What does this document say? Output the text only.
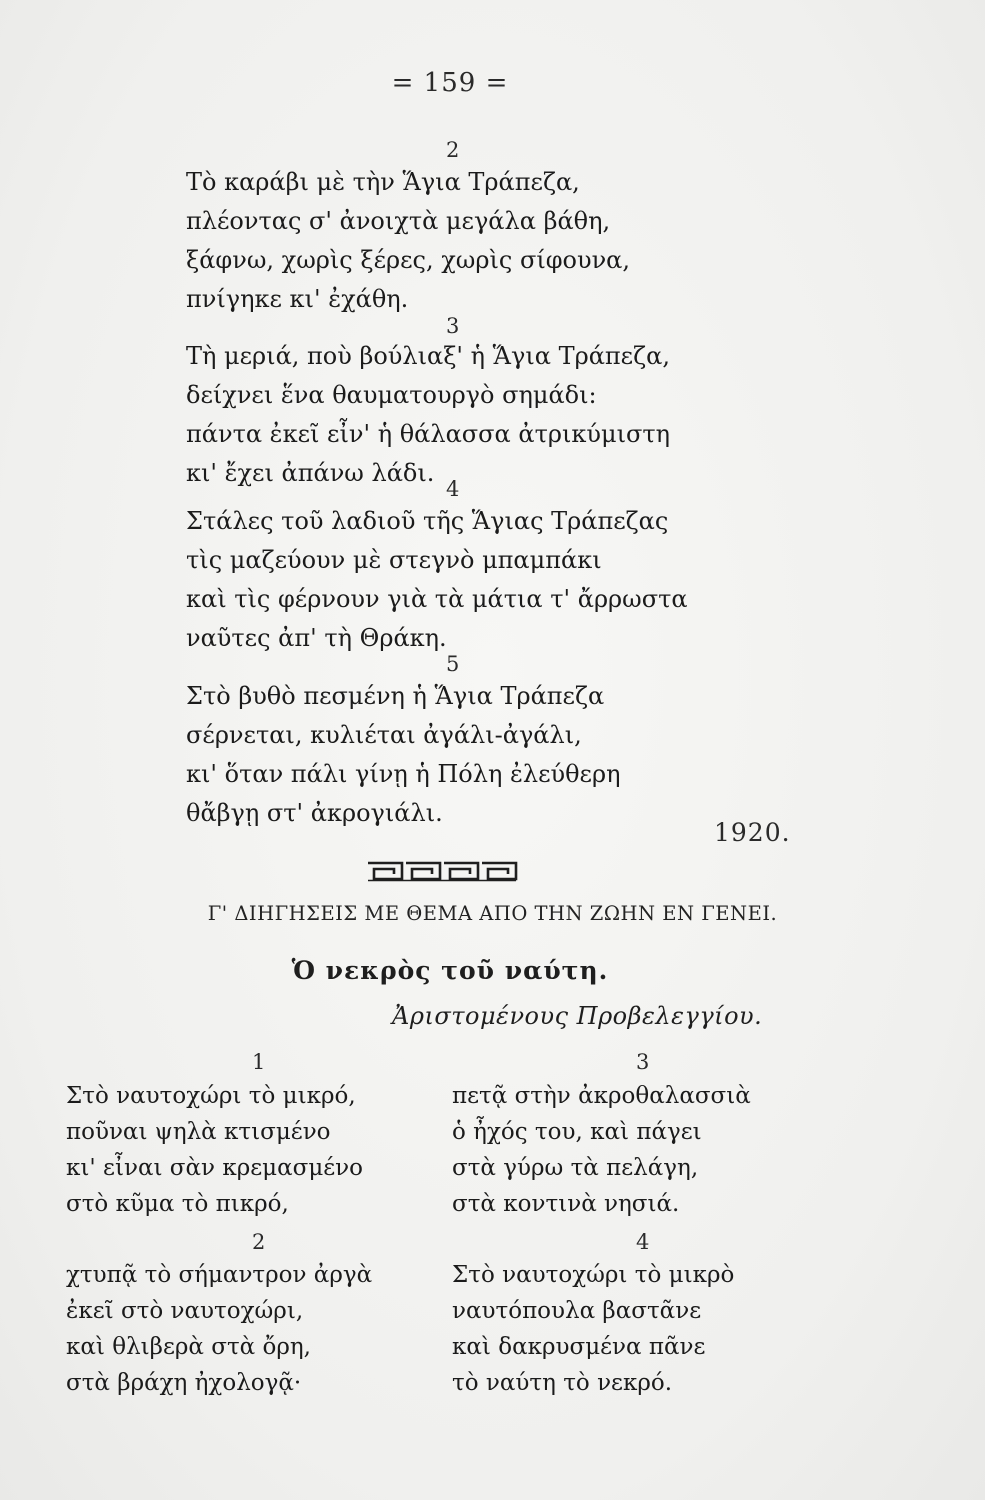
= 159 =
2
Τὸ καράβι μὲ τὴν Ἅγια Τράπεζα,
πλέοντας σ' ἀνοιχτὰ μεγάλα βάθη,
ξάφνω, χωρὶς ξέρες, χωρὶς σίφουνα,
πνίγηκε κι' ἐχάθη.
3
Τὴ μεριά, ποὺ βούλιαξ' ἡ Ἅγια Τράπεζα,
δείχνει ἕνα θαυματουργὸ σημάδι:
πάντα ἐκεῖ εἶν' ἡ θάλασσα ἀτρικύμιστη
κι' ἔχει ἀπάνω λάδι.
4
Στάλες τοῦ λαδιοῦ τῆς Ἅγιας Τράπεζας
τὶς μαζεύουν μὲ στεγνὸ μπαμπάκι
καὶ τὶς φέρνουν γιὰ τὰ μάτια τ' ἄρρωστα
ναῦτες ἀπ' τὴ Θράκη.
5
Στὸ βυθὸ πεσμένη ἡ Ἅγια Τράπεζα
σέρνεται, κυλιέται ἀγάλι-ἀγάλι,
κι' ὅταν πάλι γίνῃ ἡ Πόλη ἐλεύθερη
θἄβγῃ στ' ἀκρογιάλι.
1920.
Γ' ΔΙΗΓΗΣΕΙΣ ΜΕ ΘΕΜΑ ΑΠΟ ΤΗΝ ΖΩΗΝ ΕΝ ΓΕΝΕΙ.
Ὁ νεκρὸς τοῦ ναύτη.
Ἀριστομένους Προβελεγγίου.
1
Στὸ ναυτοχώρι τὸ μικρό,
ποῦναι ψηλὰ κτισμένο
κι' εἶναι σὰν κρεμασμένο
στὸ κῦμα τὸ πικρό,
2
χτυπᾷ τὸ σήμαντρον ἀργὰ
ἐκεῖ στὸ ναυτοχώρι,
καὶ θλιβερὰ στὰ ὄρη,
στὰ βράχη ἠχολογᾷ·
3
πετᾷ στὴν ἀκροθαλασσιὰ
ὁ ἦχός του, καὶ πάγει
στὰ γύρω τὰ πελάγη,
στὰ κοντινὰ νησιά.
4
Στὸ ναυτοχώρι τὸ μικρὸ
ναυτόπουλα βαστᾶνε
καὶ δακρυσμένα πᾶνε
τὸ ναύτη τὸ νεκρό.
